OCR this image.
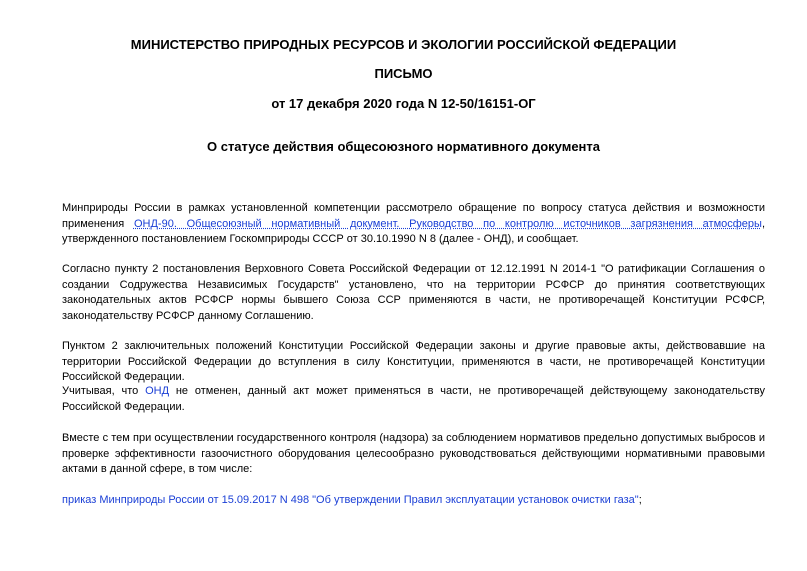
МИНИСТЕРСТВО ПРИРОДНЫХ РЕСУРСОВ И ЭКОЛОГИИ РОССИЙСКОЙ ФЕДЕРАЦИИ
ПИСЬМО
от 17 декабря 2020 года N 12-50/16151-ОГ
О статусе действия общесоюзного нормативного документа
Минприроды России в рамках установленной компетенции рассмотрело обращение по вопросу статуса действия и возможности применения ОНД-90. Общесоюзный нормативный документ. Руководство по контролю источников загрязнения атмосферы, утвержденного постановлением Госкомприроды СССР от 30.10.1990 N 8 (далее - ОНД), и сообщает.
Согласно пункту 2 постановления Верховного Совета Российской Федерации от 12.12.1991 N 2014-1 "О ратификации Соглашения о создании Содружества Независимых Государств" установлено, что на территории РСФСР до принятия соответствующих законодательных актов РСФСР нормы бывшего Союза ССР применяются в части, не противоречащей Конституции РСФСР, законодательству РСФСР данному Соглашению.
Пунктом 2 заключительных положений Конституции Российской Федерации законы и другие правовые акты, действовавшие на территории Российской Федерации до вступления в силу Конституции, применяются в части, не противоречащей Конституции Российской Федерации.
Учитывая, что ОНД не отменен, данный акт может применяться в части, не противоречащей действующему законодательству Российской Федерации.
Вместе с тем при осуществлении государственного контроля (надзора) за соблюдением нормативов предельно допустимых выбросов и проверке эффективности газоочистного оборудования целесообразно руководствоваться действующими нормативными правовыми актами в данной сфере, в том числе:
приказ Минприроды России от 15.09.2017 N 498 "Об утверждении Правил эксплуатации установок очистки газа";
